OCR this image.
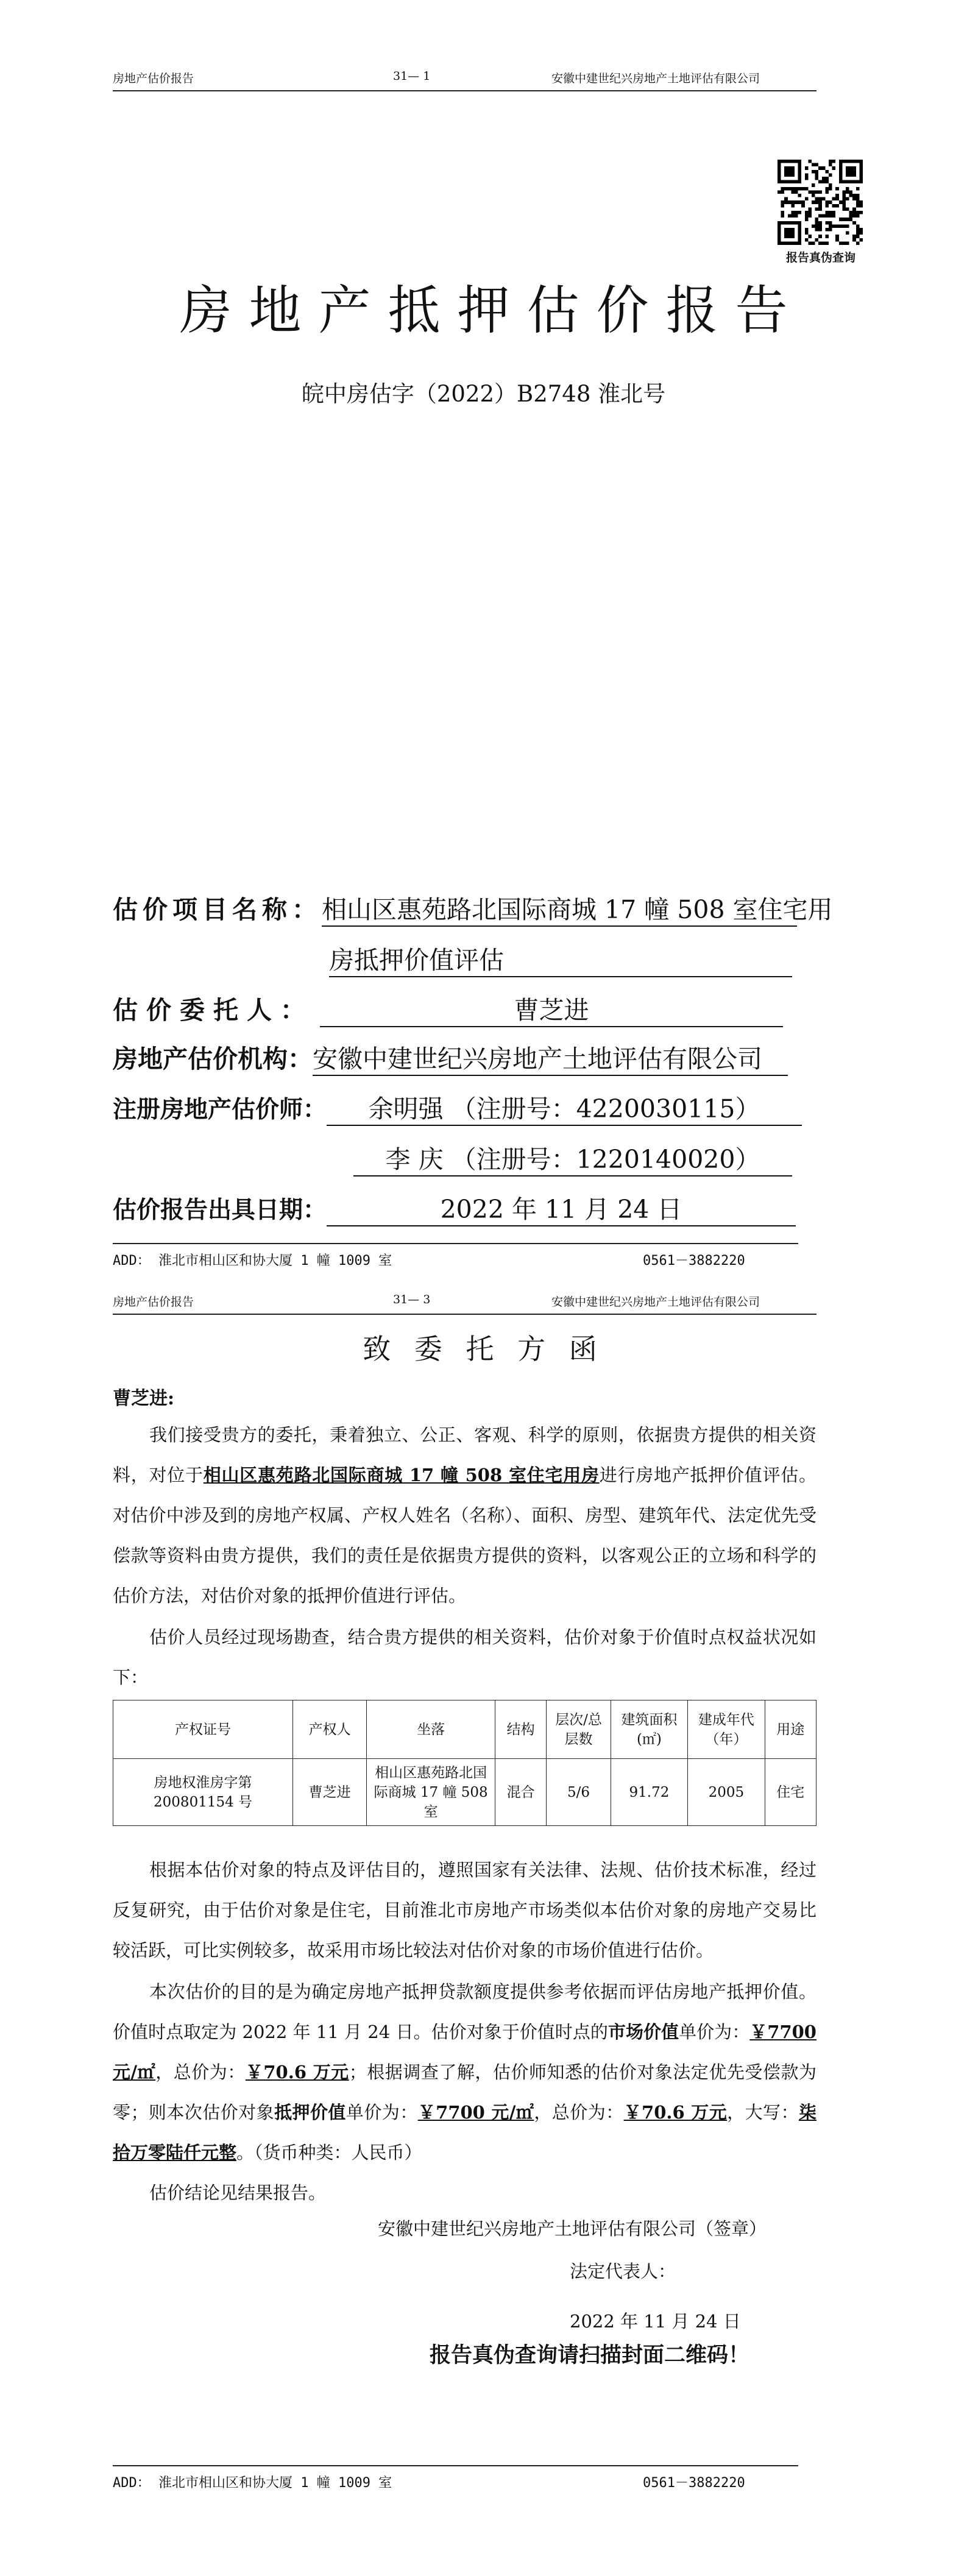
房地产估价报告	31— 1	安徽中建世纪兴房地产土地评估有限公司
报告真伪查询
房地产抵押估价报告
皖中房估字（2022）B2748 淮北号
估价项目名称：相山区惠苑路北国际商城 17 幢 508 室住宅用
房抵押价值评估
估价委托人：	曹芝进
房地产估价机构：安徽中建世纪兴房地产土地评估有限公司
注册房地产估价师： 余明强 （注册号：4220030115）
李 庆 （注册号：1220140020）
估价报告出具日期：	2022 年 11 月 24 日
ADD： 淮北市相山区和协大厦 1 幢 1009 室	0561－3882220
房地产估价报告	31— 3	安徽中建世纪兴房地产土地评估有限公司
致 委 托 方 函
曹芝进:
我们接受贵方的委托，秉着独立、公正、客观、科学的原则，依据贵方提供的相关资料，对位于相山区惠苑路北国际商城 17 幢 508 室住宅用房进行房地产抵押价值评估。对估价中涉及到的房地产权属、产权人姓名（名称）、面积、房型、建筑年代、法定优先受偿款等资料由贵方提供，我们的责任是依据贵方提供的资料，以客观公正的立场和科学的估价方法，对估价对象的抵押价值进行评估。
估价人员经过现场勘查，结合贵方提供的相关资料，估价对象于价值时点权益状况如下：
产权证号	产权人	坐落	结构	层次/总层数	建筑面积(㎡)	建成年代（年）	用途
房地权淮房字第 200801154 号	曹芝进	相山区惠苑路北国际商城 17 幢 508 室	混合	5/6	91.72	2005	住宅
根据本估价对象的特点及评估目的，遵照国家有关法律、法规、估价技术标准，经过反复研究，由于估价对象是住宅，目前淮北市房地产市场类似本估价对象的房地产交易比较活跃，可比实例较多，故采用市场比较法对估价对象的市场价值进行估价。
本次估价的目的是为确定房地产抵押贷款额度提供参考依据而评估房地产抵押价值。价值时点取定为 2022 年 11 月 24 日。估价对象于价值时点的市场价值单价为：￥7700 元/㎡，总价为：￥70.6 万元；根据调查了解，估价师知悉的估价对象法定优先受偿款为零；则本次估价对象抵押价值单价为：￥7700 元/㎡，总价为：￥70.6 万元，大写：柒拾万零陆仟元整。（货币种类：人民币）
估价结论见结果报告。
安徽中建世纪兴房地产土地评估有限公司（签章）
法定代表人：
2022 年 11 月 24 日
报告真伪查询请扫描封面二维码！
ADD： 淮北市相山区和协大厦 1 幢 1009 室	0561－3882220
